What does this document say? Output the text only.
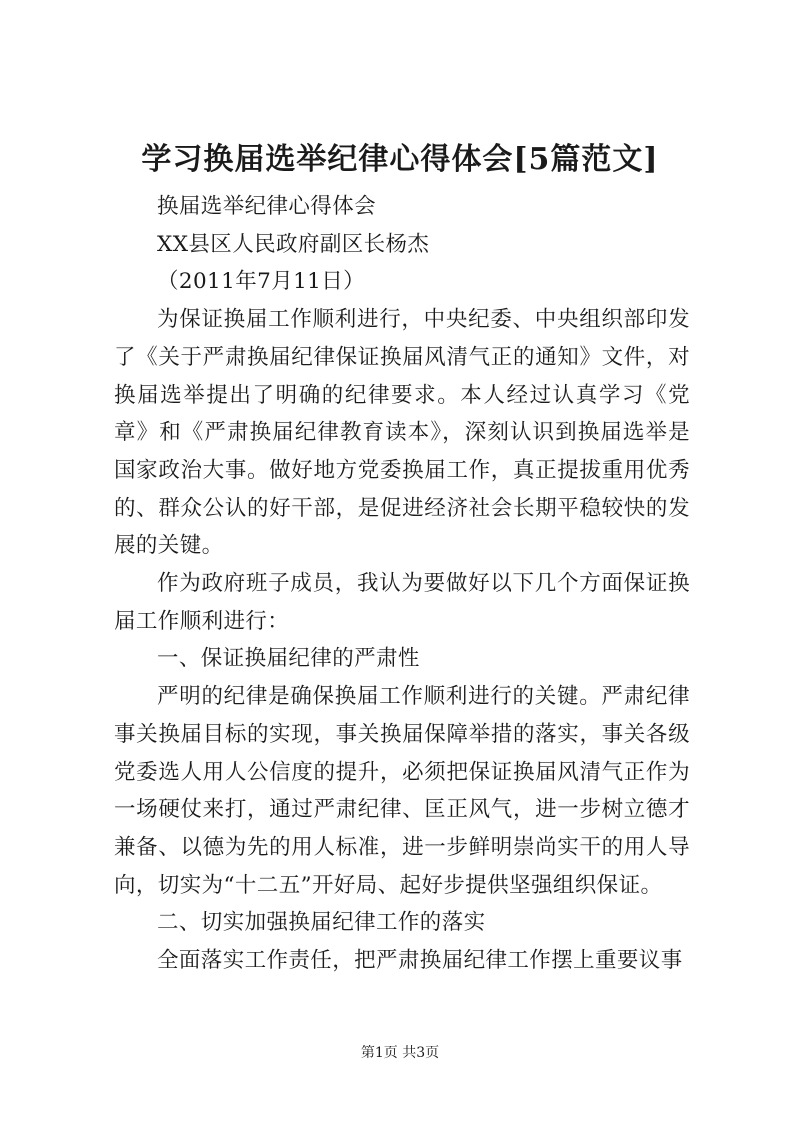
学习换届选举纪律心得体会[5篇范文]

换届选举纪律心得体会

XX县区人民政府副区长杨杰

（2011年7月11日）

为保证换届工作顺利进行，中央纪委、中央组织部印发了《关于严肃换届纪律保证换届风清气正的通知》文件，对换届选举提出了明确的纪律要求。本人经过认真学习《党章》和《严肃换届纪律教育读本》，深刻认识到换届选举是国家政治大事。做好地方党委换届工作，真正提拔重用优秀的、群众公认的好干部，是促进经济社会长期平稳较快的发展的关键。

作为政府班子成员，我认为要做好以下几个方面保证换届工作顺利进行：

一、保证换届纪律的严肃性

严明的纪律是确保换届工作顺利进行的关键。严肃纪律事关换届目标的实现，事关换届保障举措的落实，事关各级党委选人用人公信度的提升，必须把保证换届风清气正作为一场硬仗来打，通过严肃纪律、匡正风气，进一步树立德才兼备、以德为先的用人标准，进一步鲜明崇尚实干的用人导向，切实为“十二五”开好局、起好步提供坚强组织保证。

二、切实加强换届纪律工作的落实

全面落实工作责任，把严肃换届纪律工作摆上重要议事

第1页 共3页
